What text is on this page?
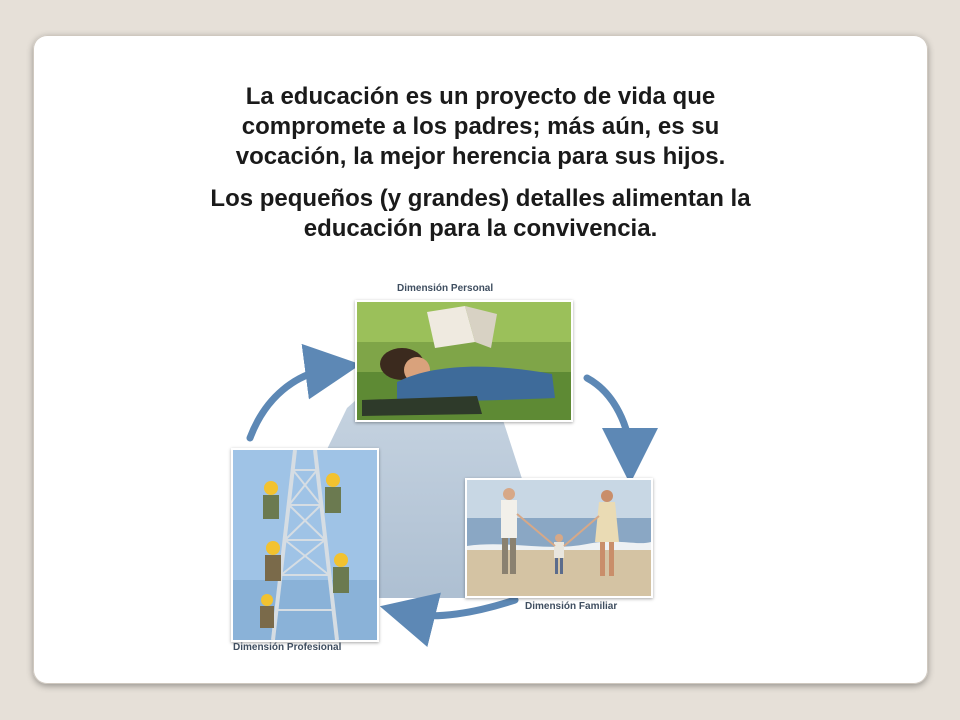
La educación es un proyecto de vida que
comprometе a los padres; más aún, es su
vocación, la mejor herencia para sus hijos.

Los pequeños (y grandes) detalles alimentan la
educación para la convivencia.

Dimensión Personal
Dimensión Profesional
Dimensión Familiar
